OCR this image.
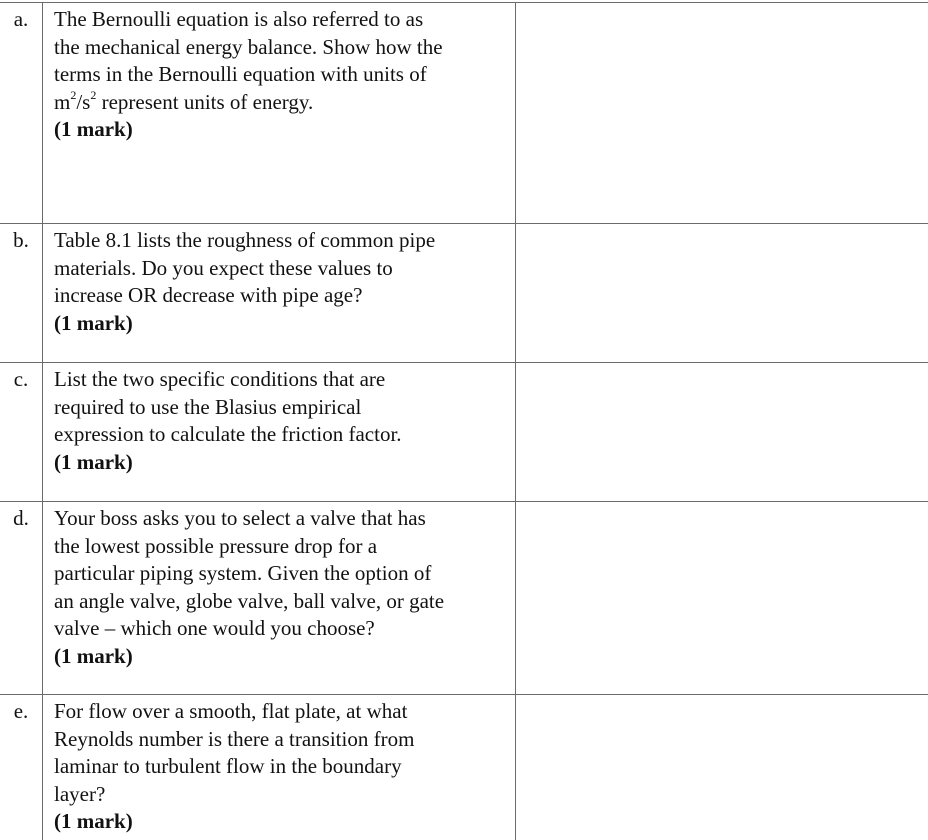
a.	The Bernoulli equation is also referred to as
the mechanical energy balance. Show how the
terms in the Bernoulli equation with units of
$m^2/s^2$ represent units of energy.
(1 mark)
b.	Table 8.1 lists the roughness of common pipe
materials. Do you expect these values to
increase OR decrease with pipe age?
(1 mark)
c.	List the two specific conditions that are
required to use the Blasius empirical
expression to calculate the friction factor.
(1 mark)
d.	Your boss asks you to select a valve that has
the lowest possible pressure drop for a
particular piping system. Given the option of
an angle valve, globe valve, ball valve, or gate
valve – which one would you choose?
(1 mark)
e.	For flow over a smooth, flat plate, at what
Reynolds number is there a transition from
laminar to turbulent flow in the boundary
layer?
(1 mark)
